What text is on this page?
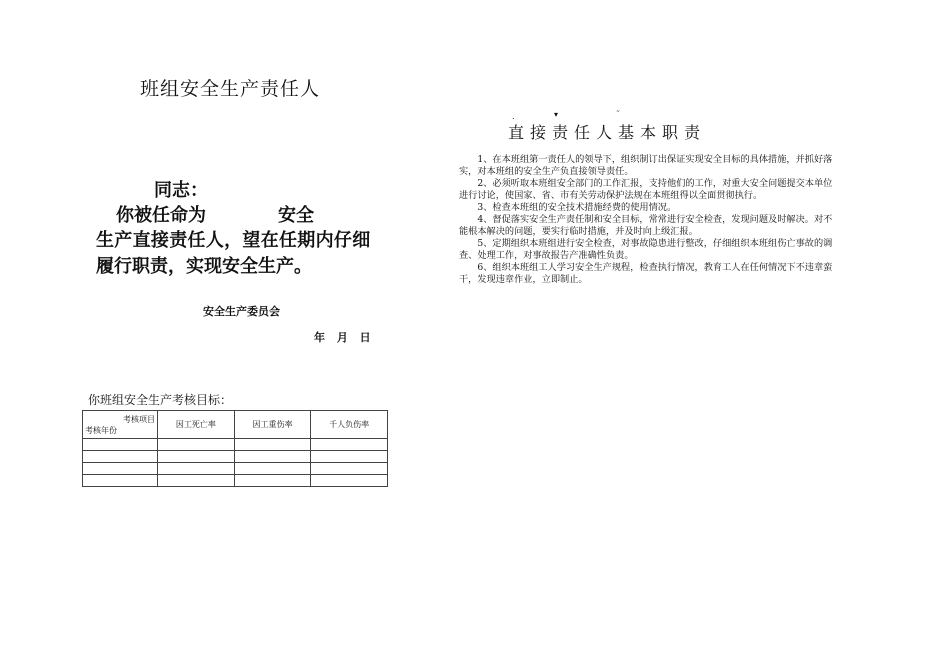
班组安全生产责任人
同志：
你被任命为	安全
生产直接责任人，望在任期内仔细
履行职责，实现安全生产。
安全生产委员会
年 月 日
你班组安全生产考核目标：
考核项目
考核年份	因工死亡率	因工重伤率	千人负伤率

.	▾	˜
直接责任人基本职责

1、在本班组第一责任人的领导下，组织制订出保证实现安全目标的具体措施，并抓好落实，对本班组的安全生产负直接领导责任。

2、必须听取本班组安全部门的工作汇报，支持他们的工作，对重大安全问题提交本单位进行讨论，使国家、省、市有关劳动保护法规在本班组得以全面贯彻执行。

3、检查本班组的安全技术措施经费的使用情况。

4、督促落实安全生产责任制和安全目标，常常进行安全检查，发现问题及时解决。对不能根本解决的问题，要实行临时措施，并及时向上级汇报。

5、定期组织本班组进行安全检查，对事故隐患进行整改，仔细组织本班组伤亡事故的调查、处理工作，对事故报告产准确性负责。

6、组织本班组工人学习安全生产规程，检查执行情况，教育工人在任何情况下不违章蛮干，发现违章作业，立即制止。
